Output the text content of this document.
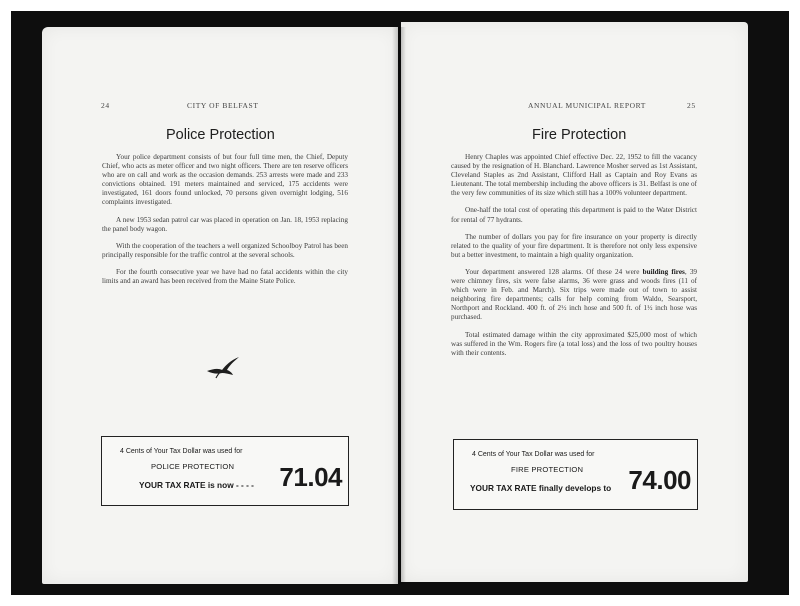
24	CITY OF BELFAST
Police Protection

Your police department consists of but four full time men, the Chief, Deputy Chief, who acts as meter officer and two night officers. There are ten reserve officers who are on call and work as the occasion demands. 253 arrests were made and 233 convictions obtained. 191 meters maintained and serviced, 175 accidents were investigated, 161 doors found unlocked, 70 persons given overnight lodging, 516 complaints investigated.

A new 1953 sedan patrol car was placed in operation on Jan. 18, 1953 replacing the panel body wagon.

With the cooperation of the teachers a well organized Schoolboy Patrol has been principally responsible for the traffic control at the several schools.

For the fourth consecutive year we have had no fatal accidents within the city limits and an award has been received from the Maine State Police.

4 Cents of Your Tax Dollar was used for
POLICE PROTECTION
YOUR TAX RATE is now - - - - 71.04
ANNUAL MUNICIPAL REPORT	25
Fire Protection

Henry Chaples was appointed Chief effective Dec. 22, 1952 to fill the vacancy caused by the resignation of H. Blanchard. Lawrence Mosher served as 1st Assistant, Cleveland Staples as 2nd Assistant, Clifford Hall as Captain and Roy Evans as Lieutenant. The total membership including the above officers is 31. Belfast is one of the very few communities of its size which still has a 100% volunteer department.

One-half the total cost of operating this department is paid to the Water District for rental of 77 hydrants.

The number of dollars you pay for fire insurance on your property is directly related to the quality of your fire department. It is therefore not only less expensive but a better investment, to maintain a high quality organization.

Your department answered 128 alarms. Of these 24 were building fires, 39 were chimney fires, six were false alarms, 36 were grass and woods fires (11 of which were in Feb. and March). Six trips were made out of town to assist neighboring fire departments; calls for help coming from Waldo, Searsport, Northport and Rockland. 400 ft. of 2½ inch hose and 500 ft. of 1½ inch hose was purchased.

Total estimated damage within the city approximated $25,000 most of which was suffered in the Wm. Rogers fire (a total loss) and the loss of two poultry houses with their contents.

4 Cents of Your Tax Dollar was used for
FIRE PROTECTION
YOUR TAX RATE finally develops to 74.00
